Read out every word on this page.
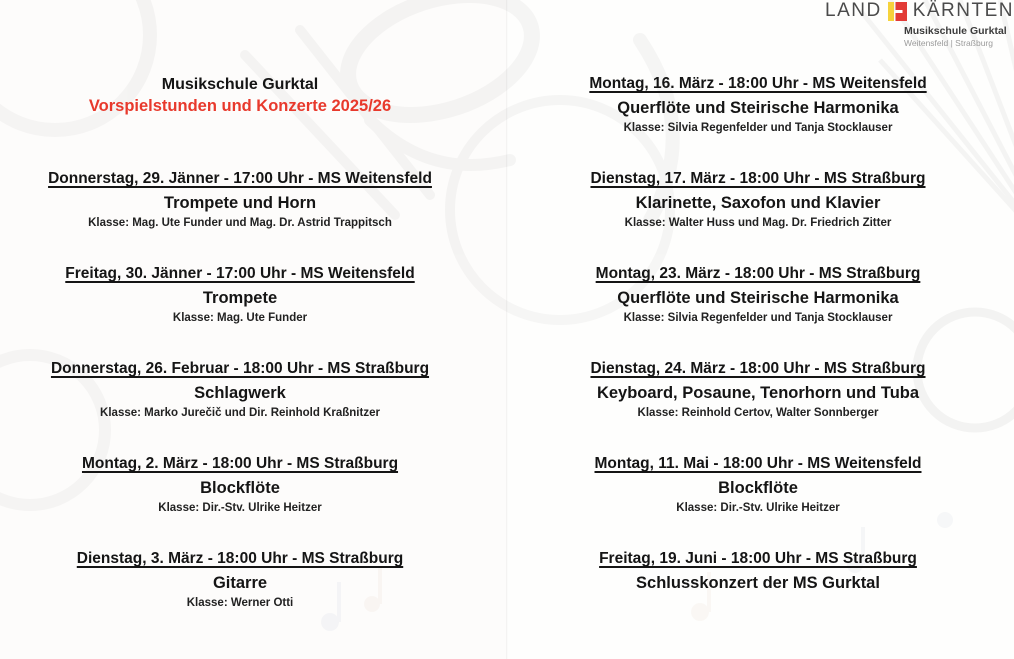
LAND KÄRNTEN
Musikschule Gurktal
Weitensfeld | Straßburg
Musikschule Gurktal
Vorspielstunden und Konzerte 2025/26
Donnerstag, 29. Jänner - 17:00 Uhr - MS Weitensfeld
Trompete und Horn
Klasse: Mag. Ute Funder und Mag. Dr. Astrid Trappitsch
Freitag, 30. Jänner - 17:00 Uhr - MS Weitensfeld
Trompete
Klasse: Mag. Ute Funder
Donnerstag, 26. Februar - 18:00 Uhr - MS Straßburg
Schlagwerk
Klasse: Marko Jurečič und Dir. Reinhold Kraßnitzer
Montag, 2. März - 18:00 Uhr - MS Straßburg
Blockflöte
Klasse: Dir.-Stv. Ulrike Heitzer
Dienstag, 3. März - 18:00 Uhr - MS Straßburg
Gitarre
Klasse: Werner Otti
Montag, 16. März - 18:00 Uhr - MS Weitensfeld
Querflöte und Steirische Harmonika
Klasse: Silvia Regenfelder und Tanja Stocklauser
Dienstag, 17. März - 18:00 Uhr - MS Straßburg
Klarinette, Saxofon und Klavier
Klasse: Walter Huss und Mag. Dr. Friedrich Zitter
Montag, 23. März - 18:00 Uhr - MS Straßburg
Querflöte und Steirische Harmonika
Klasse: Silvia Regenfelder und Tanja Stocklauser
Dienstag, 24. März - 18:00 Uhr - MS Straßburg
Keyboard, Posaune, Tenorhorn und Tuba
Klasse: Reinhold Certov, Walter Sonnberger
Montag, 11. Mai - 18:00 Uhr - MS Weitensfeld
Blockflöte
Klasse: Dir.-Stv. Ulrike Heitzer
Freitag, 19. Juni - 18:00 Uhr - MS Straßburg
Schlusskonzert der MS Gurktal
